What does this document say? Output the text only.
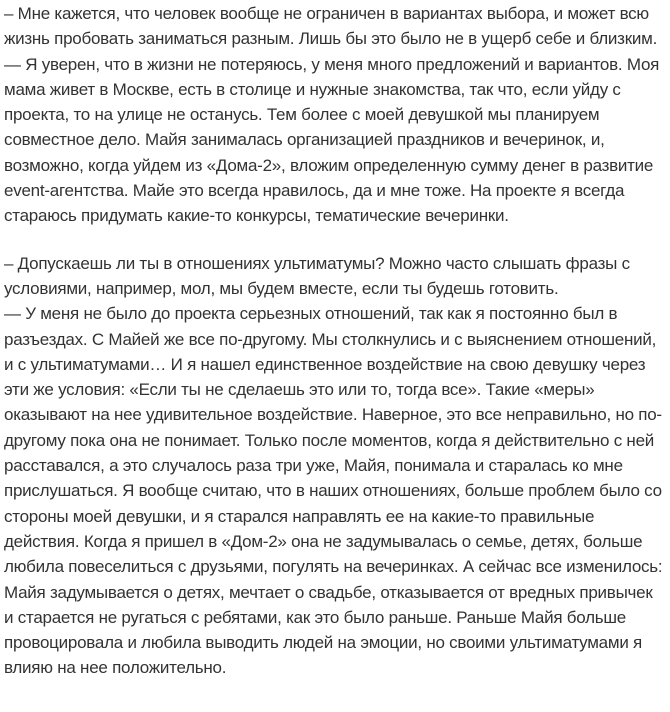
– Мне кажется, что человек вообще не ограничен в вариантах выбора, и может всю жизнь пробовать заниматься разным. Лишь бы это было не в ущерб себе и близким.

— Я уверен, что в жизни не потеряюсь, у меня много предложений и вариантов. Моя мама живет в Москве, есть в столице и нужные знакомства, так что, если уйду с проекта, то на улице не останусь. Тем более с моей девушкой мы планируем совместное дело. Майя занималась организацией праздников и вечеринок, и, возможно, когда уйдем из «Дома-2», вложим определенную сумму денег в развитие event-агентства. Майе это всегда нравилось, да и мне тоже. На проекте я всегда стараюсь придумать какие-то конкурсы, тематические вечеринки.

– Допускаешь ли ты в отношениях ультиматумы? Можно часто слышать фразы с условиями, например, мол, мы будем вместе, если ты будешь готовить.

— У меня не было до проекта серьезных отношений, так как я постоянно был в разъездах. С Майей же все по-другому. Мы столкнулись и с выяснением отношений, и с ультиматумами… И я нашел единственное воздействие на свою девушку через эти же условия: «Если ты не сделаешь это или то, тогда все». Такие «меры» оказывают на нее удивительное воздействие. Наверное, это все неправильно, но по-другому пока она не понимает. Только после моментов, когда я действительно с ней расставался, а это случалось раза три уже, Майя, понимала и старалась ко мне прислушаться. Я вообще считаю, что в наших отношениях, больше проблем было со стороны моей девушки, и я старался направлять ее на какие-то правильные действия. Когда я пришел в «Дом-2» она не задумывалась о семье, детях, больше любила повеселиться с друзьями, погулять на вечеринках. А сейчас все изменилось: Майя задумывается о детях, мечтает о свадьбе, отказывается от вредных привычек и старается не ругаться с ребятами, как это было раньше. Раньше Майя больше провоцировала и любила выводить людей на эмоции, но своими ультиматумами я влияю на нее положительно.
